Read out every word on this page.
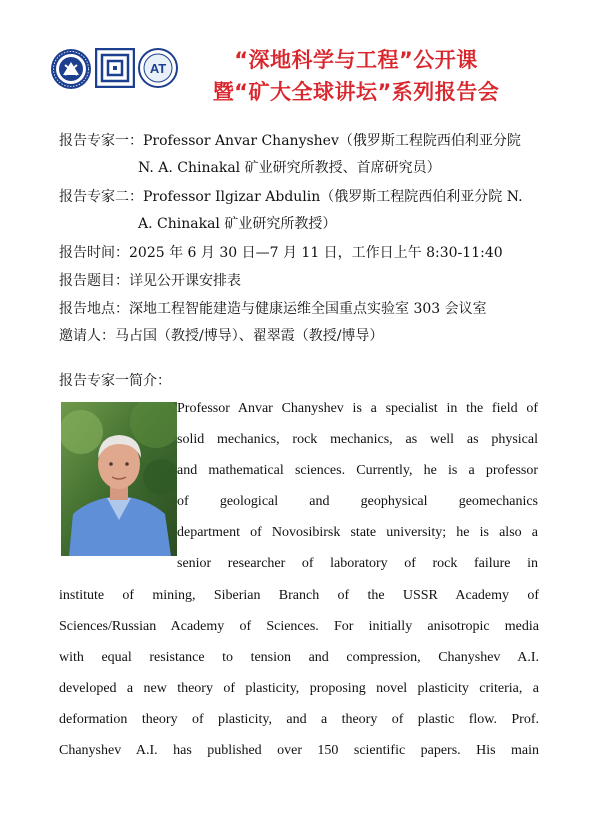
AT	“深地科学与工程”公开课
暨“矿大全球讲坛”系列报告会
报告专家一：Professor Anvar Chanyshev（俄罗斯工程院西伯利亚分院
N. A. Chinakal 矿业研究所教授、首席研究员）
报告专家二：Professor Ilgizar Abdulin（俄罗斯工程院西伯利亚分院 N.
A. Chinakal 矿业研究所教授）
报告时间：2025 年 6 月 30 日—7 月 11 日，工作日上午 8:30-11:40
报告题目：详见公开课安排表
报告地点：深地工程智能建造与健康运维全国重点实验室 303 会议室
邀请人：马占国（教授/博导）、翟翠霞（教授/博导）
报告专家一简介：
Professor Anvar Chanyshev is a specialist in the field of
solid mechanics, rock mechanics, as well as physical
and mathematical sciences. Currently, he is a professor
of geological and geophysical geomechanics
department of Novosibirsk state university; he is also a
senior researcher of laboratory of rock failure in
institute of mining, Siberian Branch of the USSR Academy of
Sciences/Russian Academy of Sciences. For initially anisotropic media
with equal resistance to tension and compression, Chanyshev A.I.
developed a new theory of plasticity, proposing novel plasticity criteria, a
deformation theory of plasticity, and a theory of plastic flow. Prof.
Chanyshev A.I. has published over 150 scientific papers. His main
